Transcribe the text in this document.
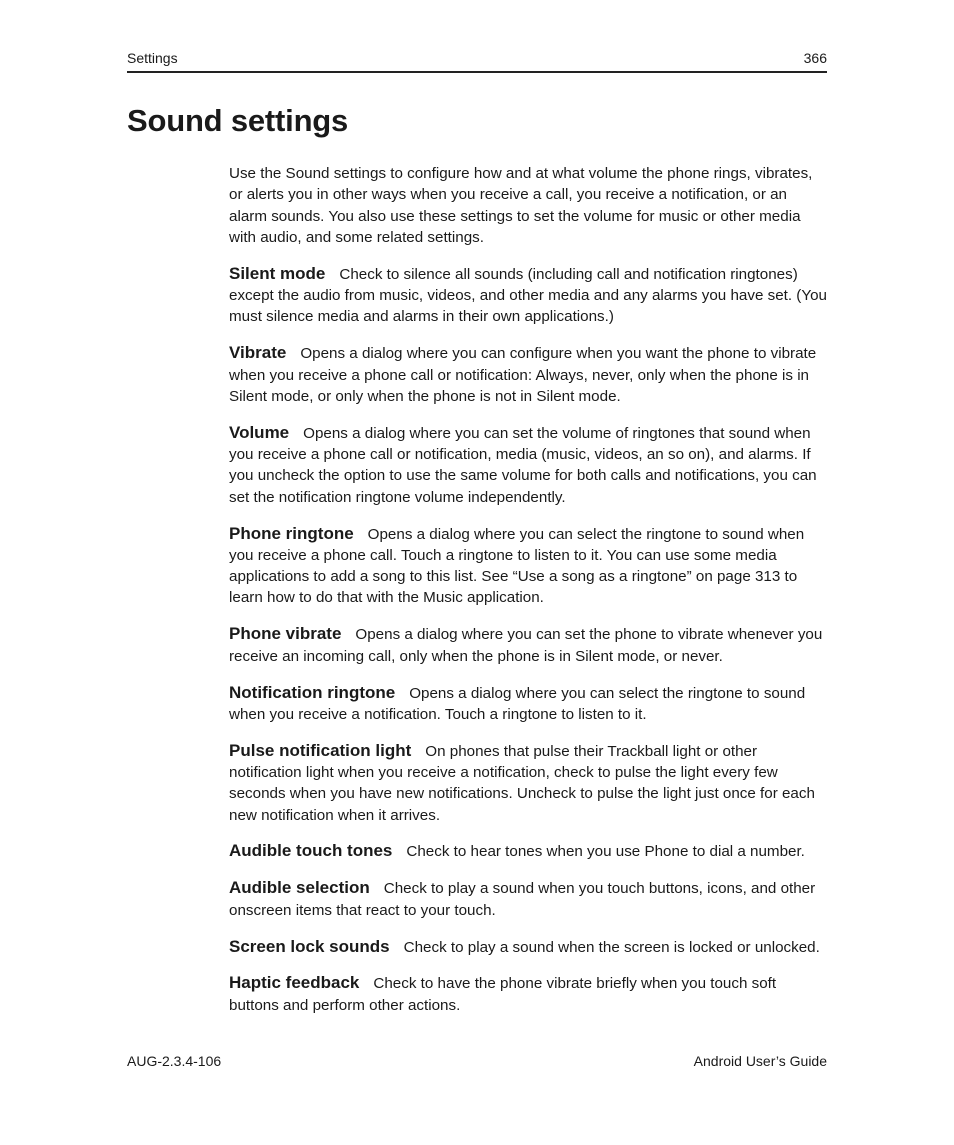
Settings	366
Sound settings

Use the Sound settings to configure how and at what volume the phone rings, vibrates, or alerts you in other ways when you receive a call, you receive a notification, or an alarm sounds. You also use these settings to set the volume for music or other media with audio, and some related settings.

Silent mode Check to silence all sounds (including call and notification ringtones) except the audio from music, videos, and other media and any alarms you have set. (You must silence media and alarms in their own applications.)

Vibrate Opens a dialog where you can configure when you want the phone to vibrate when you receive a phone call or notification: Always, never, only when the phone is in Silent mode, or only when the phone is not in Silent mode.

Volume Opens a dialog where you can set the volume of ringtones that sound when you receive a phone call or notification, media (music, videos, an so on), and alarms. If you uncheck the option to use the same volume for both calls and notifications, you can set the notification ringtone volume independently.

Phone ringtone Opens a dialog where you can select the ringtone to sound when you receive a phone call. Touch a ringtone to listen to it. You can use some media applications to add a song to this list. See “Use a song as a ringtone” on page 313 to learn how to do that with the Music application.

Phone vibrate Opens a dialog where you can set the phone to vibrate whenever you receive an incoming call, only when the phone is in Silent mode, or never.

Notification ringtone Opens a dialog where you can select the ringtone to sound when you receive a notification. Touch a ringtone to listen to it.

Pulse notification light On phones that pulse their Trackball light or other notification light when you receive a notification, check to pulse the light every few seconds when you have new notifications. Uncheck to pulse the light just once for each new notification when it arrives.

Audible touch tones Check to hear tones when you use Phone to dial a number.

Audible selection Check to play a sound when you touch buttons, icons, and other onscreen items that react to your touch.

Screen lock sounds Check to play a sound when the screen is locked or unlocked.

Haptic feedback Check to have the phone vibrate briefly when you touch soft buttons and perform other actions.

AUG-2.3.4-106	Android User’s Guide
